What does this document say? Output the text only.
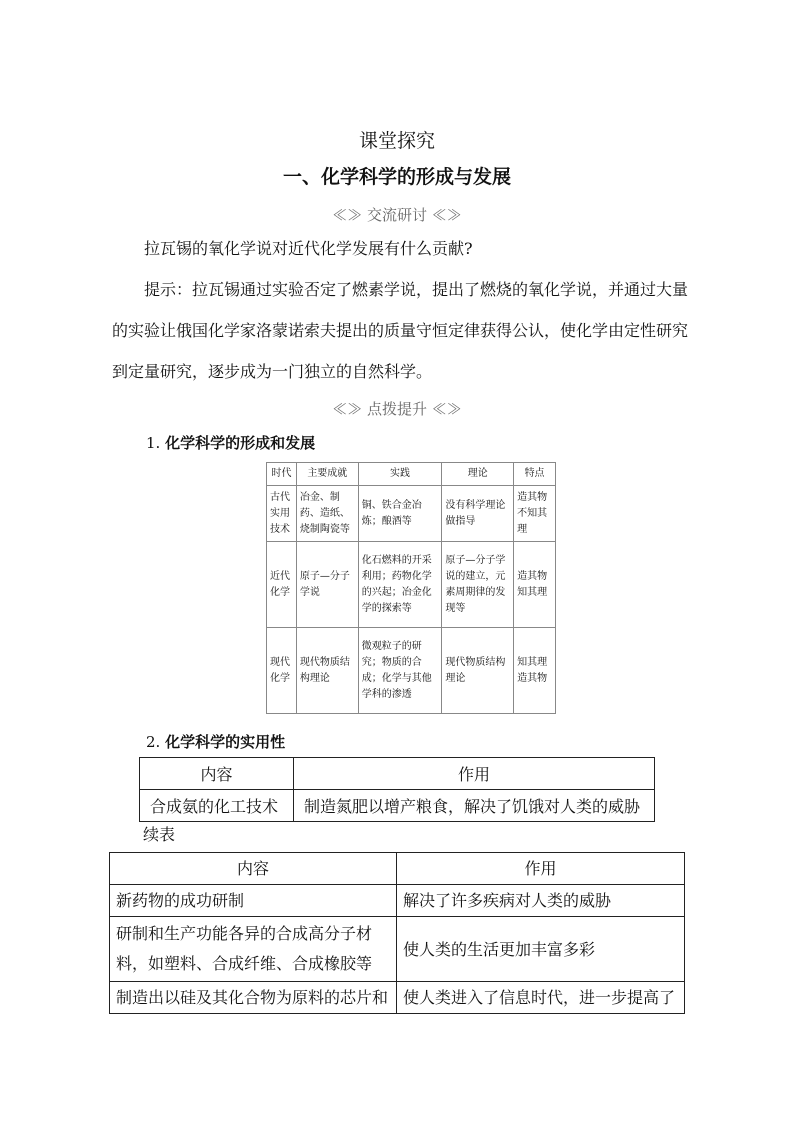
课堂探究
一、化学科学的形成与发展
≪≫ 交流研讨 ≪≫
拉瓦锡的氧化学说对近代化学发展有什么贡献?
提示：拉瓦锡通过实验否定了燃素学说，提出了燃烧的氧化学说，并通过大量的实验让俄国化学家洛蒙诺索夫提出的质量守恒定律获得公认，使化学由定性研究到定量研究，逐步成为一门独立的自然科学。
≪≫ 点拨提升 ≪≫
1. 化学科学的形成和发展
时代	主要成就	实践	理论	特点
古代实用技术	冶金、制药、造纸、烧制陶瓷等	铜、铁合金冶炼；酿酒等	没有科学理论做指导	造其物不知其理
近代化学	原子—分子学说	化石燃料的开采利用；药物化学的兴起；冶金化学的探索等	原子—分子学说的建立，元素周期律的发现等	造其物知其理
现代化学	现代物质结构理论	微观粒子的研究；物质的合成；化学与其他学科的渗透	现代物质结构理论	知其理造其物
2. 化学科学的实用性
内容	作用
合成氨的化工技术	制造氮肥以增产粮食，解决了饥饿对人类的威胁
续表
内容	作用
新药物的成功研制	解决了许多疾病对人类的威胁
研制和生产功能各异的合成高分子材料，如塑料、合成纤维、合成橡胶等	使人类的生活更加丰富多彩
制造出以硅及其化合物为原料的芯片和	使人类进入了信息时代，进一步提高了
